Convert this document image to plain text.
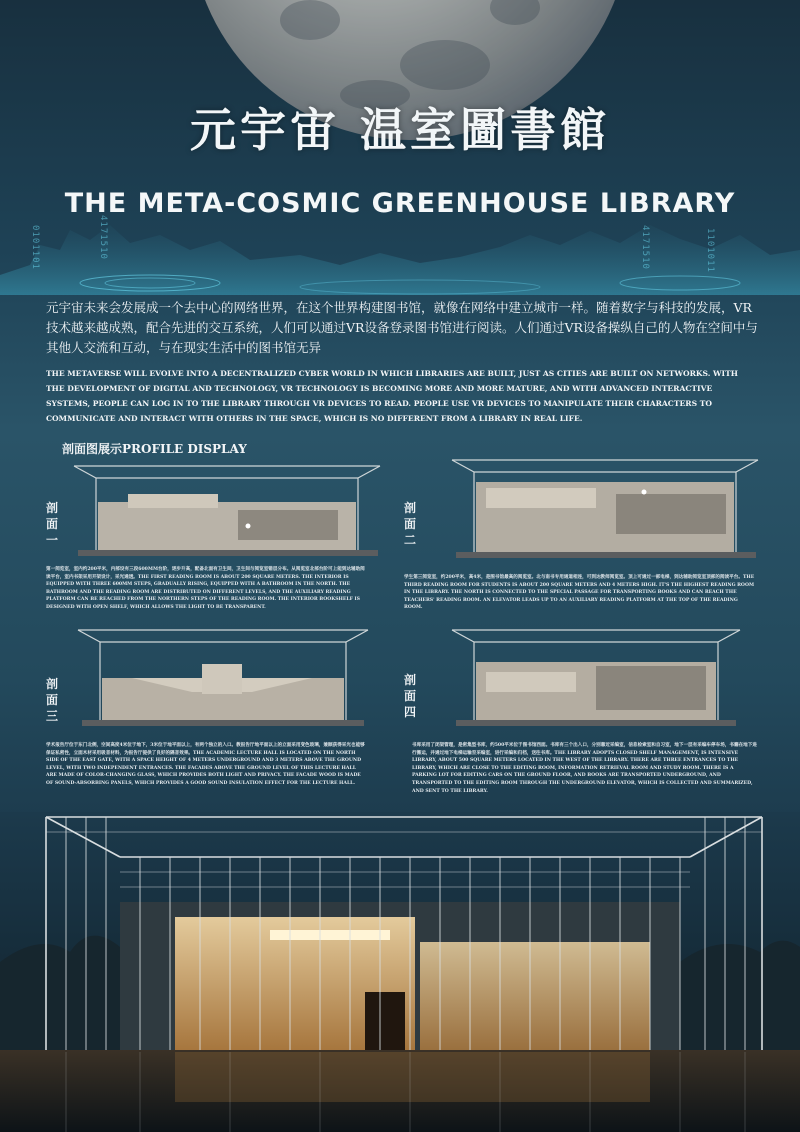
4171510	4171510	1101011
0101101
元宇宙 温室圖書館
THE META-COSMIC GREENHOUSE LIBRARY
元宇宙未来会发展成一个去中心的网络世界，在这个世界构建图书馆，就像在网络中建立城市一样。随着数字与科技的发展，VR技术越来越成熟，配合先进的交互系统，人们可以通过VR设备登录图书馆进行阅读。人们通过VR设备操纵自己的人物在空间中与其他人交流和互动，与在现实生活中的图书馆无异
THE METAVERSE WILL EVOLVE INTO A DECENTRALIZED CYBER WORLD IN WHICH LIBRARIES ARE BUILT, JUST AS CITIES ARE BUILT ON NETWORKS. WITH THE DEVELOPMENT OF DIGITAL AND TECHNOLOGY, VR TECHNOLOGY IS BECOMING MORE AND MORE MATURE, AND WITH ADVANCED INTERACTIVE SYSTEMS, PEOPLE CAN LOG IN TO THE LIBRARY THROUGH VR DEVICES TO READ. PEOPLE USE VR DEVICES TO MANIPULATE THEIR CHARACTERS TO COMMUNICATE AND INTERACT WITH OTHERS IN THE SPACE, WHICH IS NO DIFFERENT FROM A LIBRARY IN REAL LIFE.
剖面图展示PROFILE DISPLAY
剖面一
第一阅览室，室内约200平米，内部设有三段600MM台阶，逐步升高，配备北面有卫生间，卫生间与阅览室错层分布。从阅览室北部台阶可上能到达辅助阅读平台，室内书架采用开架设计，采光通透。THE FIRST READING ROOM IS ABOUT 200 SQUARE METERS. THE INTERIOR IS EQUIPPED WITH THREE 600MM STEPS, GRADUALLY RISING, EQUIPPED WITH A BATHROOM IN THE NORTH. THE BATHROOM AND THE READING ROOM ARE DISTRIBUTED ON DIFFERENT LEVELS, AND THE AUXILIARY READING PLATFORM CAN BE REACHED FROM THE NORTHERN STEPS OF THE READING ROOM. THE INTERIOR BOOKSHELF IS DESIGNED WITH OPEN SHELF, WHICH ALLOWS THE LIGHT TO BE TRANSPARENT.
剖面二
学生第三阅览室，约200平米，高4米，是图书馆最高的阅览室。北与南书专用通道相连，可到达教师阅览室。顶上可通过一部电梯，到达辅助阅览室顶部的阅读平台。THE THIRD READING ROOM FOR STUDENTS IS ABOUT 200 SQUARE METERS AND 4 METERS HIGH. IT'S THE HIGHEST READING ROOM IN THE LIBRARY. THE NORTH IS CONNECTED TO THE SPECIAL PASSAGE FOR TRANSPORTING BOOKS AND CAN REACH THE TEACHERS' READING ROOM. AN ELEVATOR LEADS UP TO AN AUXILIARY READING PLATFORM AT THE TOP OF THE READING ROOM.
剖面三
学术报告厅位于东门北侧，空间高度4米位于地下，3米位于地平面以上，有两个独立的入口。教报告厅地平面以上的立面采用变色玻璃，兼顾获得采光也能够保证私密性，立面木材采用吸音材料，为报告厅提供了良好的隔音效果。THE ACADEMIC LECTURE HALL IS LOCATED ON THE NORTH SIDE OF THE EAST GATE, WITH A SPACE HEIGHT OF 4 METERS UNDERGROUND AND 3 METERS ABOVE THE GROUND LEVEL, WITH TWO INDEPENDENT ENTRANCES. THE FACADES ABOVE THE GROUND LEVEL OF THIS LECTURE HALL ARE MADE OF COLOR-CHANGING GLASS, WHICH PROVIDES BOTH LIGHT AND PRIVACY. THE FACADE WOOD IS MADE OF SOUND-ABSORBING PANELS, WHICH PROVIDES A GOOD SOUND INSULATION EFFECT FOR THE LECTURE HALL.
剖面四
书库采用了闭架管理，是密集型书库，约500平米位于图书馆西面。书库有三个出入口，分别靠近采编室，信息检索室和自习室，地下一层有采编车停车场，书籍在地下进行搬运，并通过地下电梯运输至采编室，进行采编和归档，送往书库。THE LIBRARY ADOPTS CLOSED SHELF MANAGEMENT, IS INTENSIVE LIBRARY, ABOUT 500 SQUARE METERS LOCATED IN THE WEST OF THE LIBRARY. THERE ARE THREE ENTRANCES TO THE LIBRARY, WHICH ARE CLOSE TO THE EDITING ROOM, INFORMATION RETRIEVAL ROOM AND STUDY ROOM. THERE IS A PARKING LOT FOR EDITING CARS ON THE GROUND FLOOR, AND BOOKS ARE TRANSPORTED UNDERGROUND, AND TRANSPORTED TO THE EDITING ROOM THROUGH THE UNDERGROUND ELEVATOR, WHICH IS COLLECTED AND SUMMARIZED, AND SENT TO THE LIBRARY.
